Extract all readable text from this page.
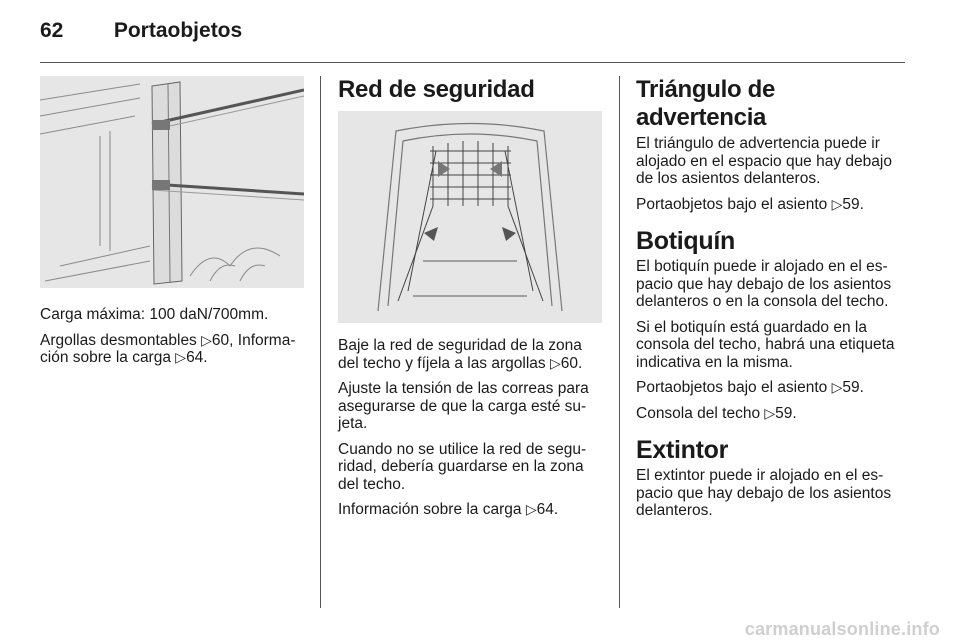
62 Portaobjetos

Carga máxima: 100 daN/700mm.

Argollas desmontables ▷60, Informa-
ción sobre la carga ▷64.

Red de seguridad

Baje la red de seguridad de la zona
del techo y fíjela a las argollas ▷60.

Ajuste la tensión de las correas para
asegurarse de que la carga esté su-
jeta.

Cuando no se utilice la red de segu-
ridad, debería guardarse en la zona
del techo.

Información sobre la carga ▷64.

Triángulo de advertencia

El triángulo de advertencia puede ir
alojado en el espacio que hay debajo
de los asientos delanteros.

Portaobjetos bajo el asiento ▷59.

Botiquín

El botiquín puede ir alojado en el es-
pacio que hay debajo de los asientos
delanteros o en la consola del techo.

Si el botiquín está guardado en la
consola del techo, habrá una etiqueta
indicativa en la misma.

Portaobjetos bajo el asiento ▷59.

Consola del techo ▷59.

Extintor

El extintor puede ir alojado en el es-
pacio que hay debajo de los asientos
delanteros.

carmanualsonline.info
